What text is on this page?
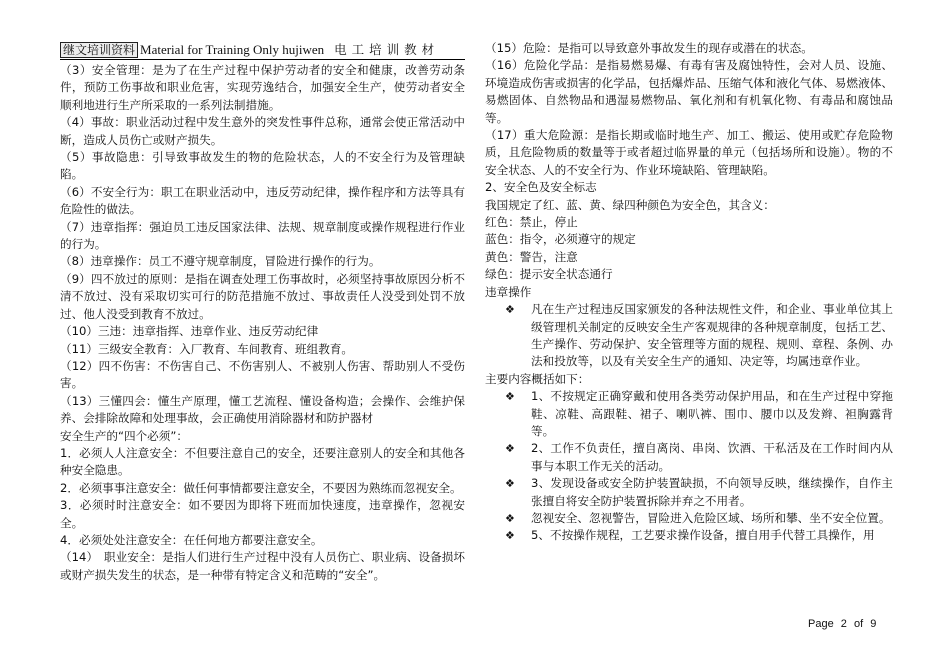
继文培训资料 Material for Training Only hujiwen 电工培训教材

（3）安全管理：是为了在生产过程中保护劳动者的安全和健康，改善劳动条件，预防工伤事故和职业危害，实现劳逸结合，加强安全生产，使劳动者安全顺利地进行生产所采取的一系列法制措施。

（4）事故：职业活动过程中发生意外的突发性事件总称，通常会使正常活动中断，造成人员伤亡或财产损失。

（5）事故隐患：引导致事故发生的物的危险状态，人的不安全行为及管理缺陷。

（6）不安全行为：职工在职业活动中，违反劳动纪律，操作程序和方法等具有危险性的做法。

（7）违章指挥：强迫员工违反国家法律、法规、规章制度或操作规程进行作业的行为。

（8）违章操作：员工不遵守规章制度，冒险进行操作的行为。

（9）四不放过的原则：是指在调查处理工伤事故时，必须坚持事故原因分析不清不放过、没有采取切实可行的防范措施不放过、事故责任人没受到处罚不放过、他人没受到教育不放过。

（10）三违：违章指挥、违章作业、违反劳动纪律

（11）三级安全教育：入厂教育、车间教育、班组教育。

（12）四不伤害：不伤害自己、不伤害别人、不被别人伤害、帮助别人不受伤害。

（13）三懂四会：懂生产原理，懂工艺流程、懂设备构造；会操作、会维护保养、会排除故障和处理事故，会正确使用消除器材和防护器材

安全生产的“四个必须”：

1．必须人人注意安全：不但要注意自己的安全，还要注意别人的安全和其他各种安全隐患。

2．必须事事注意安全：做任何事情都要注意安全，不要因为熟练而忽视安全。

3．必须时时注意安全：如不要因为即将下班而加快速度，违章操作，忽视安全。

4．必须处处注意安全：在任何地方都要注意安全。

（14）　职业安全：是指人们进行生产过程中没有人员伤亡、职业病、设备损坏或财产损失发生的状态，是一种带有特定含义和范畴的“安全”。

（15）危险：是指可以导致意外事故发生的现存或潜在的状态。

（16）危险化学品：是指易燃易爆、有毒有害及腐蚀特性，会对人员、设施、环境造成伤害或损害的化学品，包括爆炸品、压缩气体和液化气体、易燃液体、易燃固体、自然物品和遇湿易燃物品、氧化剂和有机氧化物、有毒品和腐蚀品等。

（17）重大危险源：是指长期或临时地生产、加工、搬运、使用或贮存危险物质，且危险物质的数量等于或者超过临界量的单元（包括场所和设施）。物的不安全状态、人的不安全行为、作业环境缺陷、管理缺陷。

2、安全色及安全标志

我国规定了红、蓝、黄、绿四种颜色为安全色，其含义：

红色：禁止，停止

蓝色：指令，必须遵守的规定

黄色：警告，注意

绿色：提示安全状态通行

违章操作

❖ 凡在生产过程违反国家颁发的各种法规性文件，和企业、事业单位其上级管理机关制定的反映安全生产客观规律的各种规章制度，包括工艺、生产操作、劳动保护、安全管理等方面的规程、规则、章程、条例、办法和投放等，以及有关安全生产的通知、决定等，均属违章作业。

主要内容概括如下：

❖ 1、不按规定正确穿戴和使用各类劳动保护用品，和在生产过程中穿拖鞋、凉鞋、高跟鞋、裙子、喇叭裤、围巾、腰巾以及发辫、袒胸露背等。
❖ 2、工作不负责任，擅自离岗、串岗、饮酒、干私活及在工作时间内从事与本职工作无关的活动。
❖ 3、发现设备或安全防护装置缺损，不向领导反映，继续操作，自作主张擅自将安全防护装置拆除并弃之不用者。
❖ 忽视安全、忽视警告，冒险进入危险区域、场所和攀、坐不安全位置。
❖ 5、不按操作规程，工艺要求操作设备，擅自用手代替工具操作，用
Page 2 of 9
